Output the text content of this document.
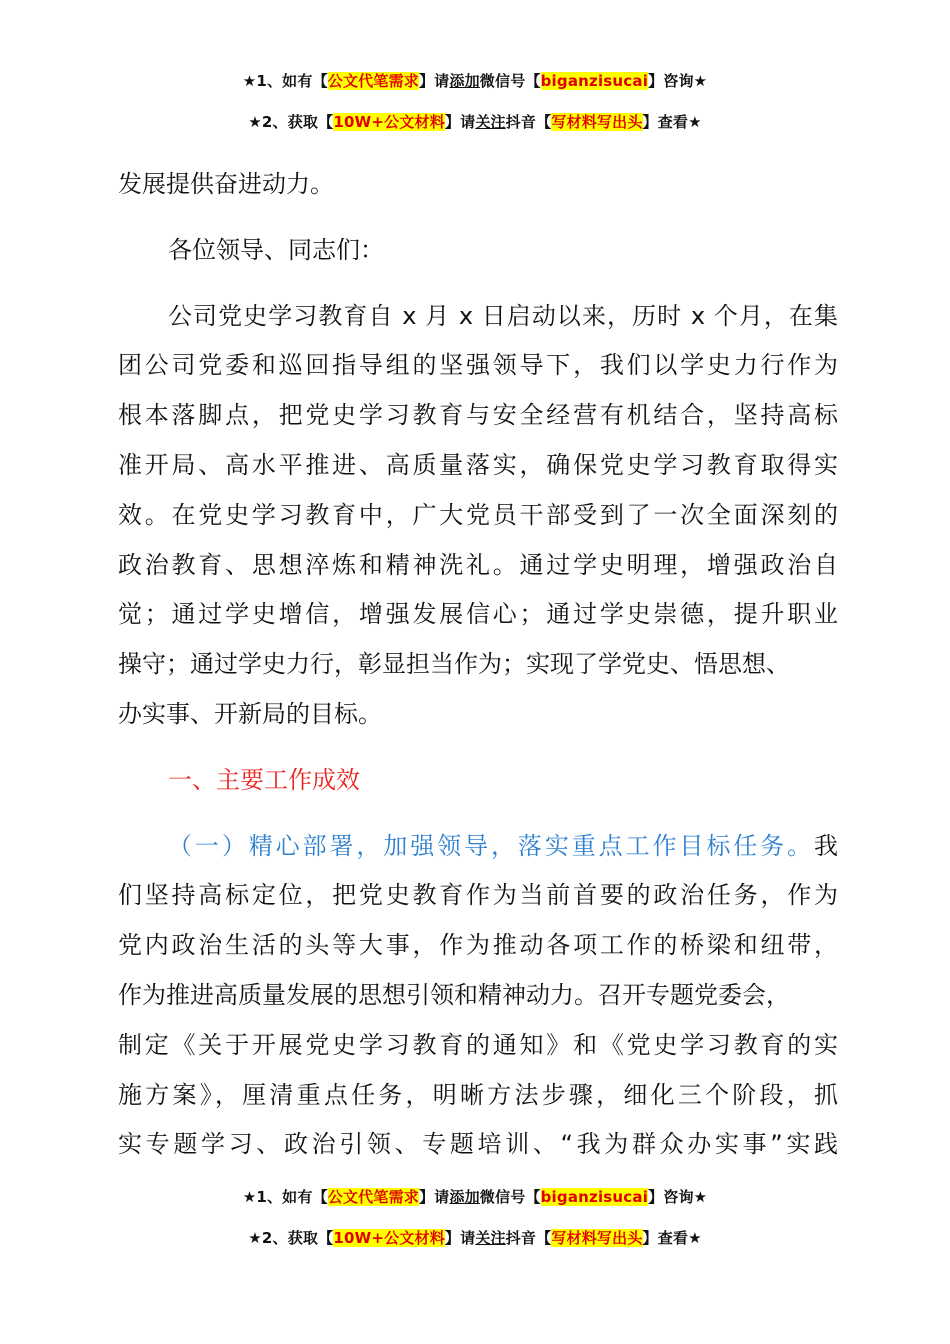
★1、如有【公文代笔需求】请添加微信号【biganzisucai】咨询★
★2、获取【10W+公文材料】请关注抖音【写材料写出头】查看★

发展提供奋进动力。

各位领导、同志们：

公司党史学习教育自 x 月 x 日启动以来，历时 x 个月，在集
团公司党委和巡回指导组的坚强领导下，我们以学史力行作为
根本落脚点，把党史学习教育与安全经营有机结合，坚持高标
准开局、高水平推进、高质量落实，确保党史学习教育取得实
效。在党史学习教育中，广大党员干部受到了一次全面深刻的
政治教育、思想淬炼和精神洗礼。通过学史明理，增强政治自
觉；通过学史增信，增强发展信心；通过学史崇德，提升职业
操守；通过学史力行，彰显担当作为；实现了学党史、悟思想、
办实事、开新局的目标。

一、主要工作成效

（一）精心部署，加强领导，落实重点工作目标任务。我
们坚持高标定位，把党史教育作为当前首要的政治任务，作为
党内政治生活的头等大事，作为推动各项工作的桥梁和纽带，
作为推进高质量发展的思想引领和精神动力。召开专题党委会，
制定《关于开展党史学习教育的通知》和《党史学习教育的实
施方案》，厘清重点任务，明晰方法步骤，细化三个阶段，抓
实专题学习、政治引领、专题培训、“我为群众办实事”实践
★1、如有【公文代笔需求】请添加微信号【biganzisucai】咨询★
★2、获取【10W+公文材料】请关注抖音【写材料写出头】查看★
